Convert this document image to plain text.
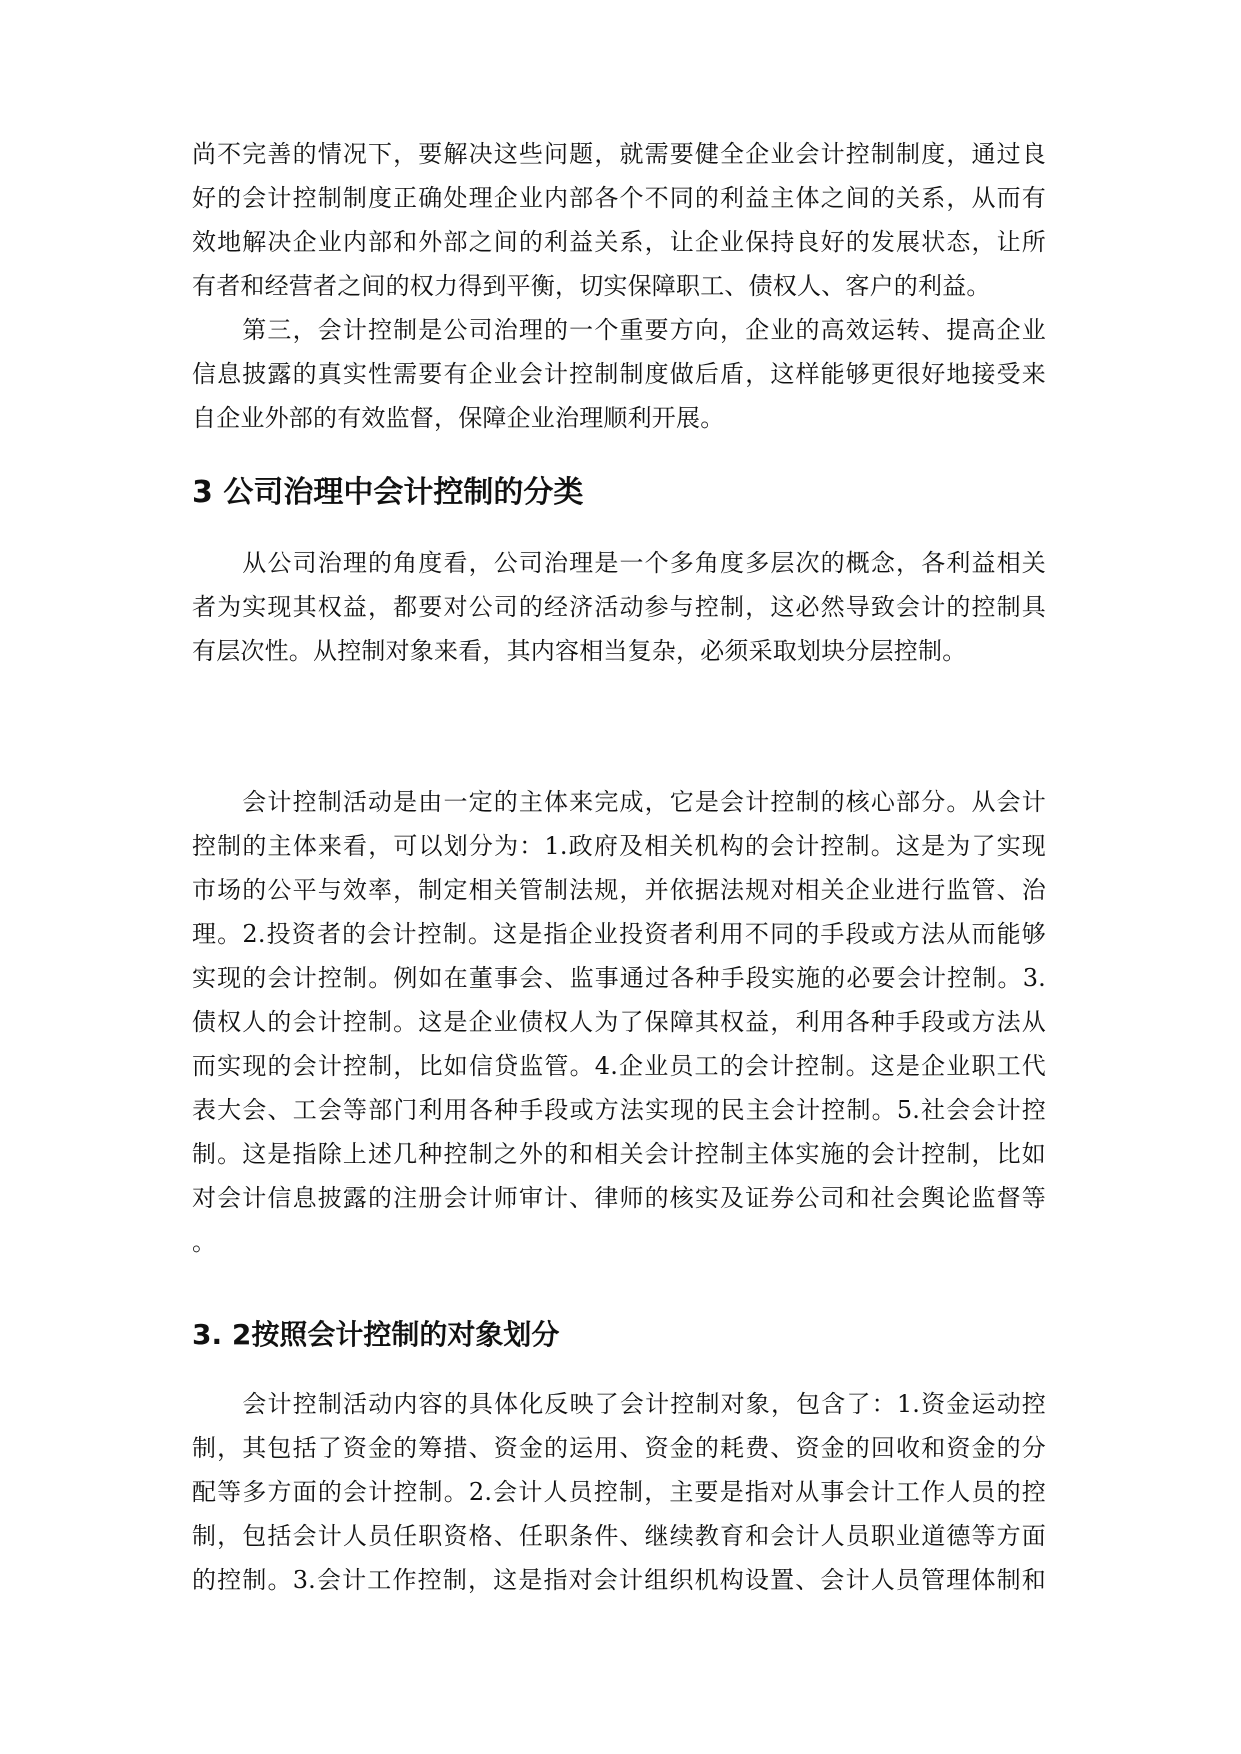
尚不完善的情况下，要解决这些问题，就需要健全企业会计控制制度，通过良
好的会计控制制度正确处理企业内部各个不同的利益主体之间的关系，从而有
效地解决企业内部和外部之间的利益关系，让企业保持良好的发展状态，让所
有者和经营者之间的权力得到平衡，切实保障职工、债权人、客户的利益。
　　第三，会计控制是公司治理的一个重要方向，企业的高效运转、提高企业
信息披露的真实性需要有企业会计控制制度做后盾，这样能够更很好地接受来
自企业外部的有效监督，保障企业治理顺利开展。
3 公司治理中会计控制的分类
　　从公司治理的角度看，公司治理是一个多角度多层次的概念，各利益相关
者为实现其权益，都要对公司的经济活动参与控制，这必然导致会计的控制具
有层次性。从控制对象来看，其内容相当复杂，必须采取划块分层控制。
　　会计控制活动是由一定的主体来完成，它是会计控制的核心部分。从会计
控制的主体来看，可以划分为：1.政府及相关机构的会计控制。这是为了实现
市场的公平与效率，制定相关管制法规，并依据法规对相关企业进行监管、治
理。2.投资者的会计控制。这是指企业投资者利用不同的手段或方法从而能够
实现的会计控制。例如在董事会、监事通过各种手段实施的必要会计控制。3.
债权人的会计控制。这是企业债权人为了保障其权益，利用各种手段或方法从
而实现的会计控制，比如信贷监管。4.企业员工的会计控制。这是企业职工代
表大会、工会等部门利用各种手段或方法实现的民主会计控制。5.社会会计控
制。这是指除上述几种控制之外的和相关会计控制主体实施的会计控制，比如
对会计信息披露的注册会计师审计、律师的核实及证券公司和社会舆论监督等
。
3. 2按照会计控制的对象划分
　　会计控制活动内容的具体化反映了会计控制对象，包含了：1.资金运动控
制，其包括了资金的筹措、资金的运用、资金的耗费、资金的回收和资金的分
配等多方面的会计控制。2.会计人员控制，主要是指对从事会计工作人员的控
制，包括会计人员任职资格、任职条件、继续教育和会计人员职业道德等方面
的控制。3.会计工作控制，这是指对会计组织机构设置、会计人员管理体制和
